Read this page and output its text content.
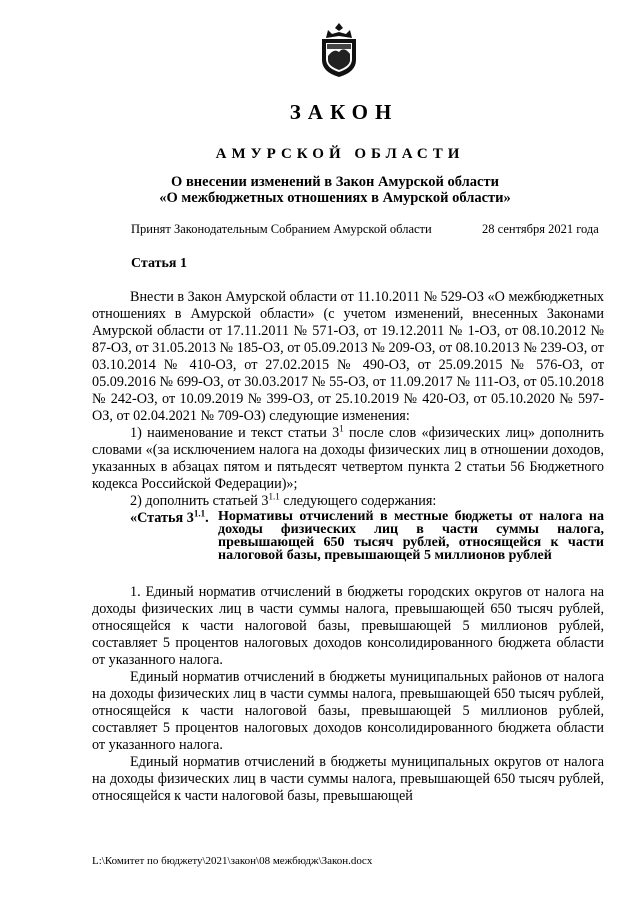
ЗАКОН
АМУРСКОЙ ОБЛАСТИ
О внесении изменений в Закон Амурской области
«О межбюджетных отношениях в Амурской области»
Принят Законодательным Собранием Амурской области	28 сентября 2021 года
Статья 1

Внести в Закон Амурской области от 11.10.2011 № 529-ОЗ «О межбюджетных отношениях в Амурской области» (с учетом изменений, внесенных Законами Амурской области от 17.11.2011 № 571-ОЗ, от 19.12.2011 № 1-ОЗ, от 08.10.2012 № 87-ОЗ, от 31.05.2013 № 185-ОЗ, от 05.09.2013 № 209-ОЗ, от 08.10.2013 № 239-ОЗ, от 03.10.2014 № 410-ОЗ, от 27.02.2015 № 490-ОЗ, от 25.09.2015 № 576-ОЗ, от 05.09.2016 № 699-ОЗ, от 30.03.2017 № 55-ОЗ, от 11.09.2017 № 111-ОЗ, от 05.10.2018 № 242-ОЗ, от 10.09.2019 № 399-ОЗ, от 25.10.2019 № 420-ОЗ, от 05.10.2020 № 597-ОЗ, от 02.04.2021 № 709-ОЗ) следующие изменения:

1) наименование и текст статьи $3^1$ после слов «физических лиц» дополнить словами «(за исключением налога на доходы физических лиц в отношении доходов, указанных в абзацах пятом и пятьдесят четвертом пункта 2 статьи 56 Бюджетного кодекса Российской Федерации)»;

2) дополнить статьей $3^{1.1}$ следующего содержания:

«Статья $3^{1.1}$. Нормативы отчислений в местные бюджеты от налога на доходы физических лиц в части суммы налога, превышающей 650 тысяч рублей, относящейся к части налоговой базы, превышающей 5 миллионов рублей

1. Единый норматив отчислений в бюджеты городских округов от налога на доходы физических лиц в части суммы налога, превышающей 650 тысяч рублей, относящейся к части налоговой базы, превышающей 5 миллионов рублей, составляет 5 процентов налоговых доходов консолидированного бюджета области от указанного налога.

Единый норматив отчислений в бюджеты муниципальных районов от налога на доходы физических лиц в части суммы налога, превышающей 650 тысяч рублей, относящейся к части налоговой базы, превышающей 5 миллионов рублей, составляет 5 процентов налоговых доходов консолидированного бюджета области от указанного налога.

Единый норматив отчислений в бюджеты муниципальных округов от налога на доходы физических лиц в части суммы налога, превышающей 650 тысяч рублей, относящейся к части налоговой базы, превышающей

L:\Комитет по бюджету\2021\закон\08 межбюдж\Закон.docx
